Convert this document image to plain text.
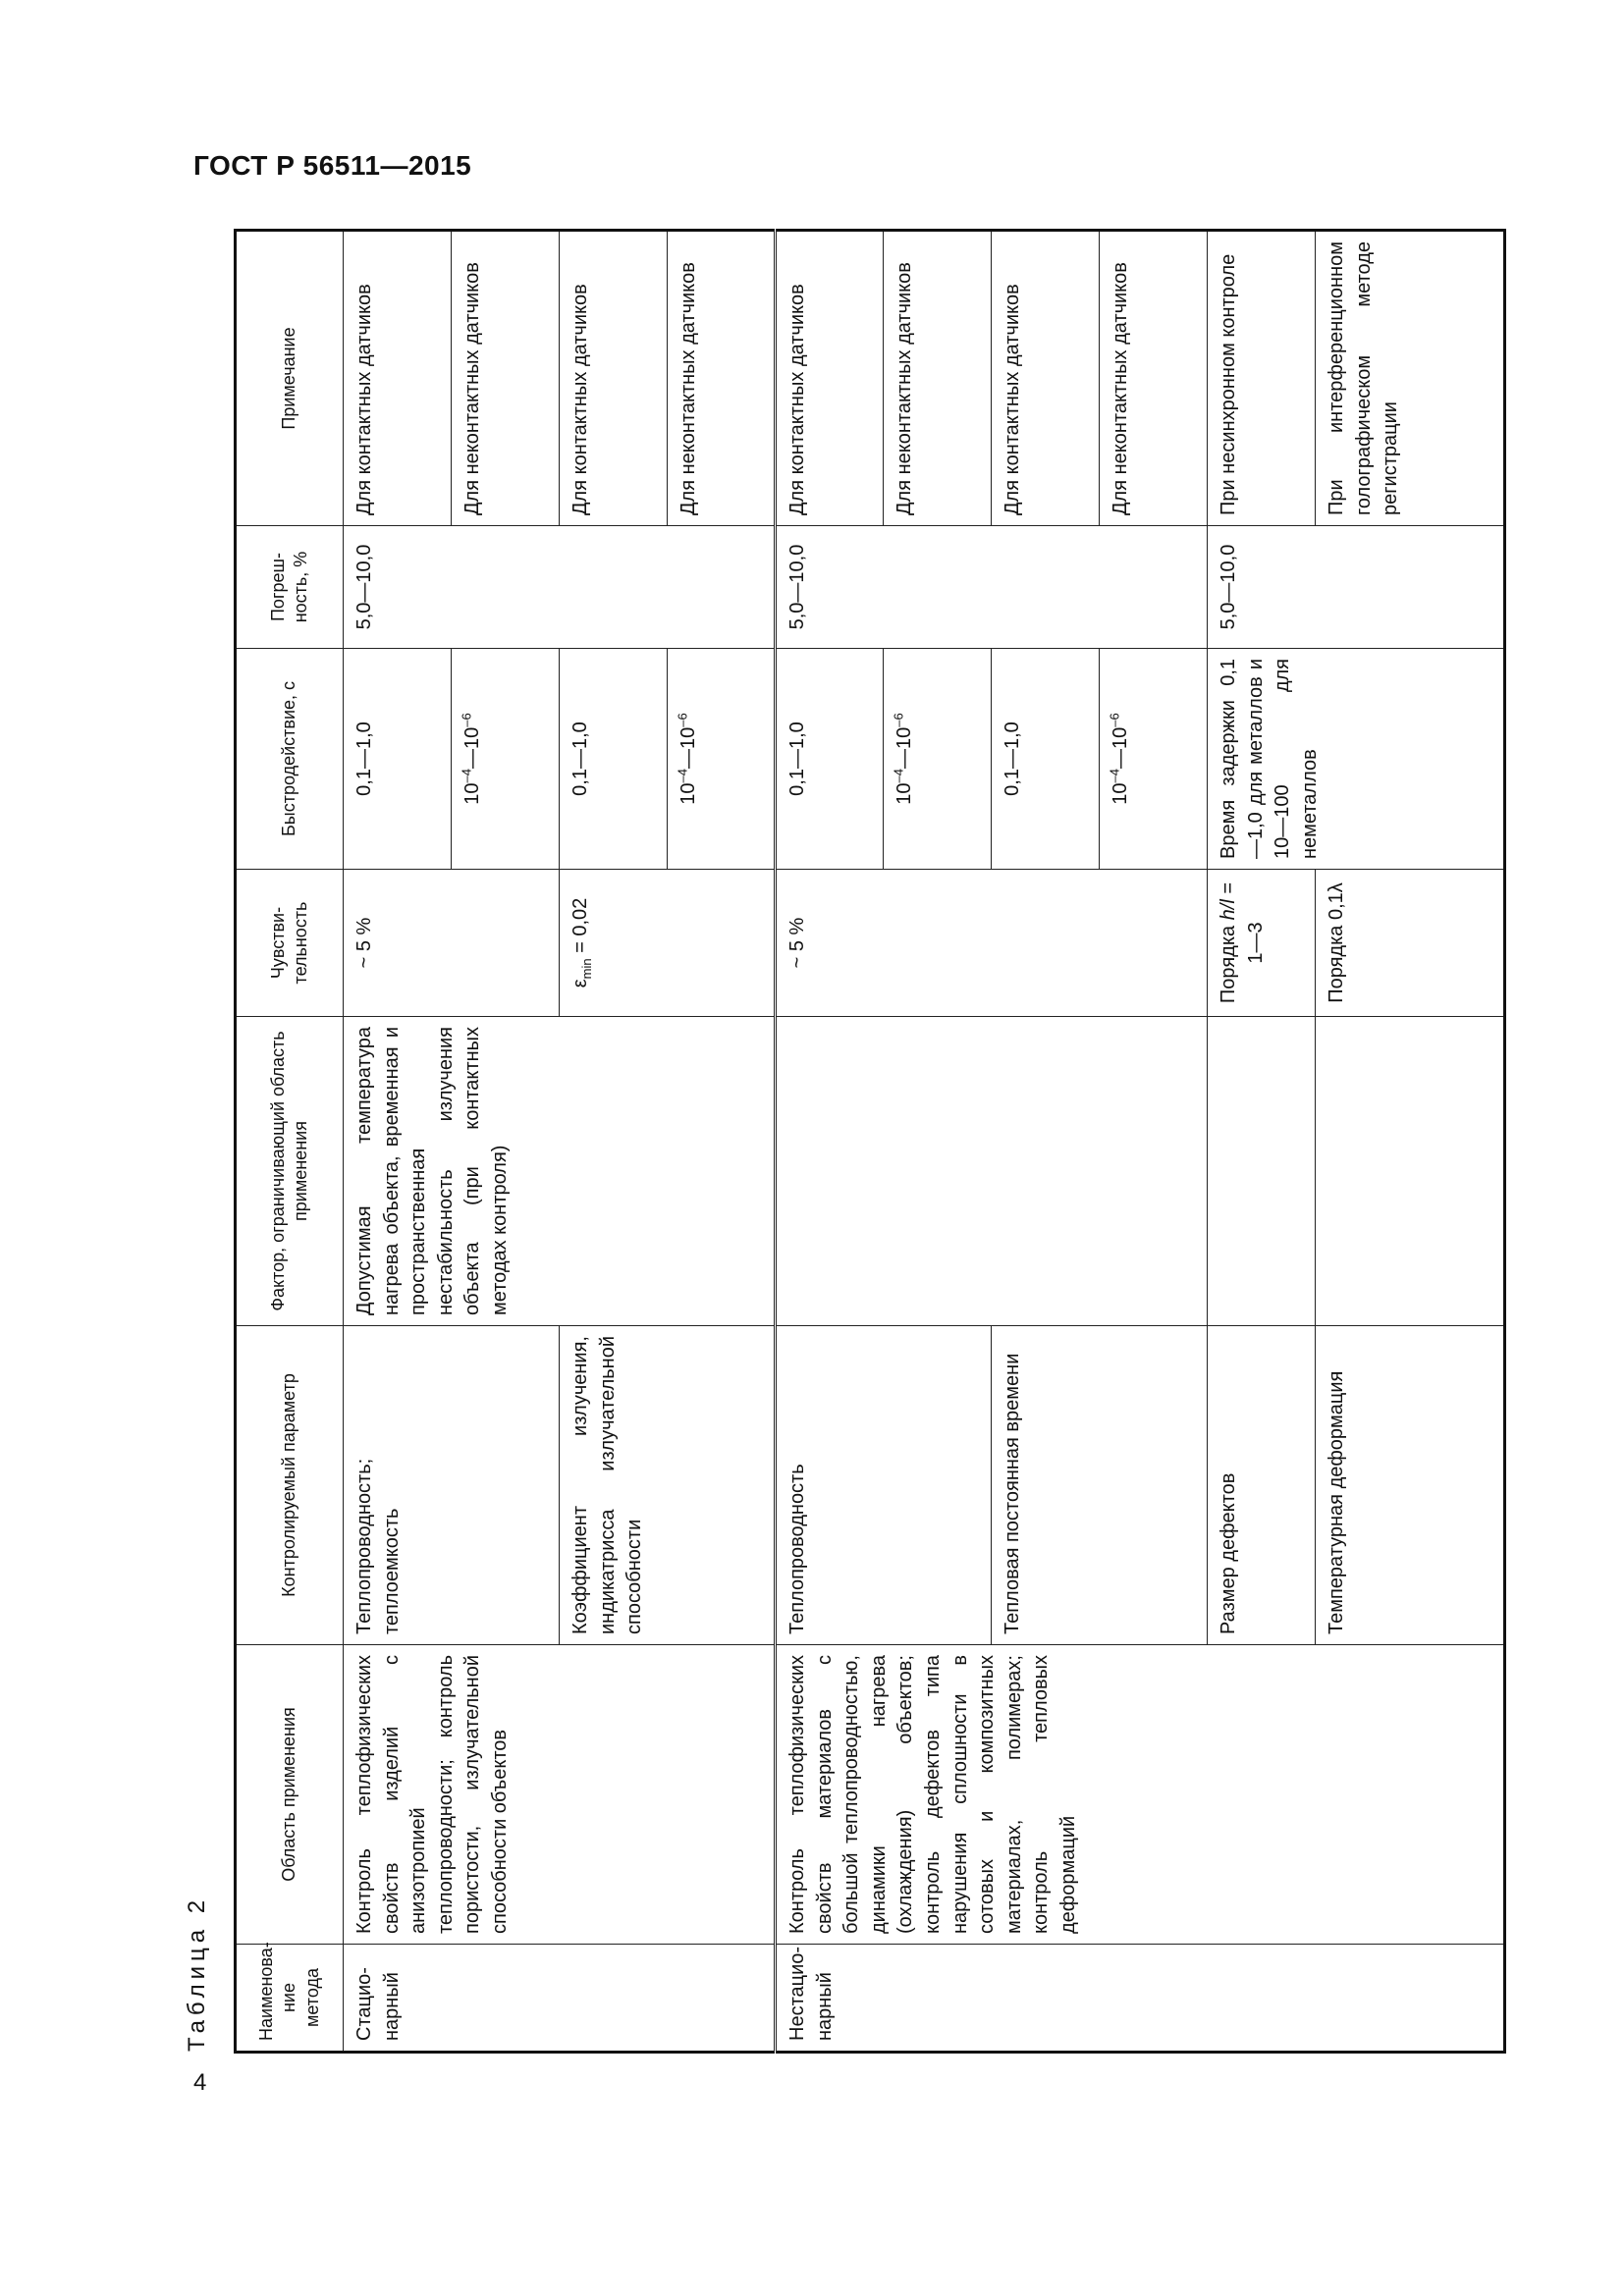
ГОСТ Р 56511—2015
4
Таблица 2	Наименова-ние метода	Область применения	Контролируемый параметр	Фактор, ограничивающий область применения	Чувстви-тельность	Быстродействие, с	Погреш-ность, %	Примечание
Стацио-нарный	Контроль теплофизических свойств изделий с анизотропией теплопроводности; контроль пористости, излучательной способности объектов	Теплопроводность; теплоемкость	Допустимая температура нагрева объекта, временная и пространственная нестабильность излучения объекта (при контактных методах контроля)	~ 5 %	0,1—1,0	5,0—10,0	Для контактных датчиков
					$10^{-4}—10^{-6}$		Для неконтактных датчиков
		Коэффициент излучения, индикатрисса излучательной способности		$\varepsilon_{min} = 0,02$	0,1—1,0		Для контактных датчиков
					$10^{-4}—10^{-6}$		Для неконтактных датчиков
Нестацио-нарный	Контроль теплофизических свойств материалов с большой теплопроводностью, динамики нагрева (охлаждения) объектов; контроль дефектов типа нарушения сплошности в сотовых и композитных материалах, полимерах; контроль тепловых деформаций	Теплопроводность		~ 5 %	0,1—1,0	5,0—10,0	Для контактных датчиков
					$10^{-4}—10^{-6}$		Для неконтактных датчиков
		Тепловая постоянная времени			0,1—1,0		Для контактных датчиков
					$10^{-4}—10^{-6}$		Для неконтактных датчиков
		Размер дефектов		Порядка h/l = 1—3	Время задержки 0,1—1,0 для металлов и 10—100 для неметаллов	5,0—10,0	При несинхронном контроле
		Температурная деформация		Порядка 0,1λ			При интерференционном голографическом методе регистрации
